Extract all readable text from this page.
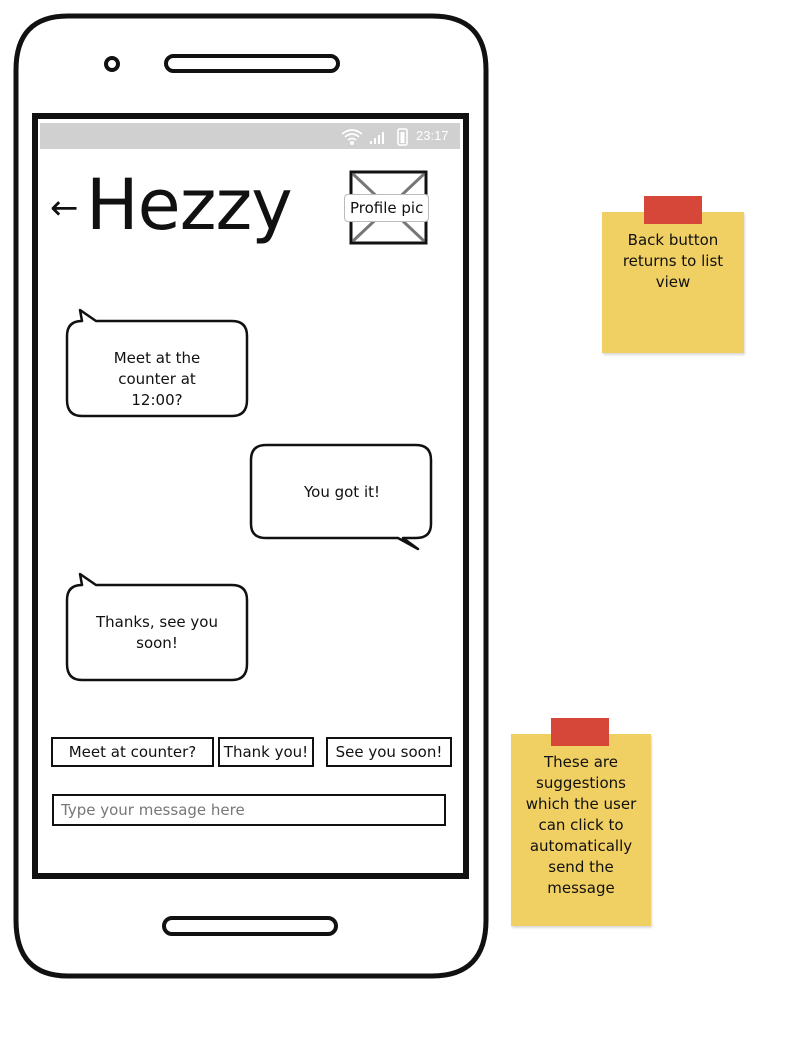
23:17
← Hezzy	Profile pic
Meet at the counter at 12:00?
You got it!
Thanks, see you soon!
Meet at counter?	Thank you!	See you soon!
Type your message here
Back button returns to list view
These are suggestions which the user can click to automatically send the message
